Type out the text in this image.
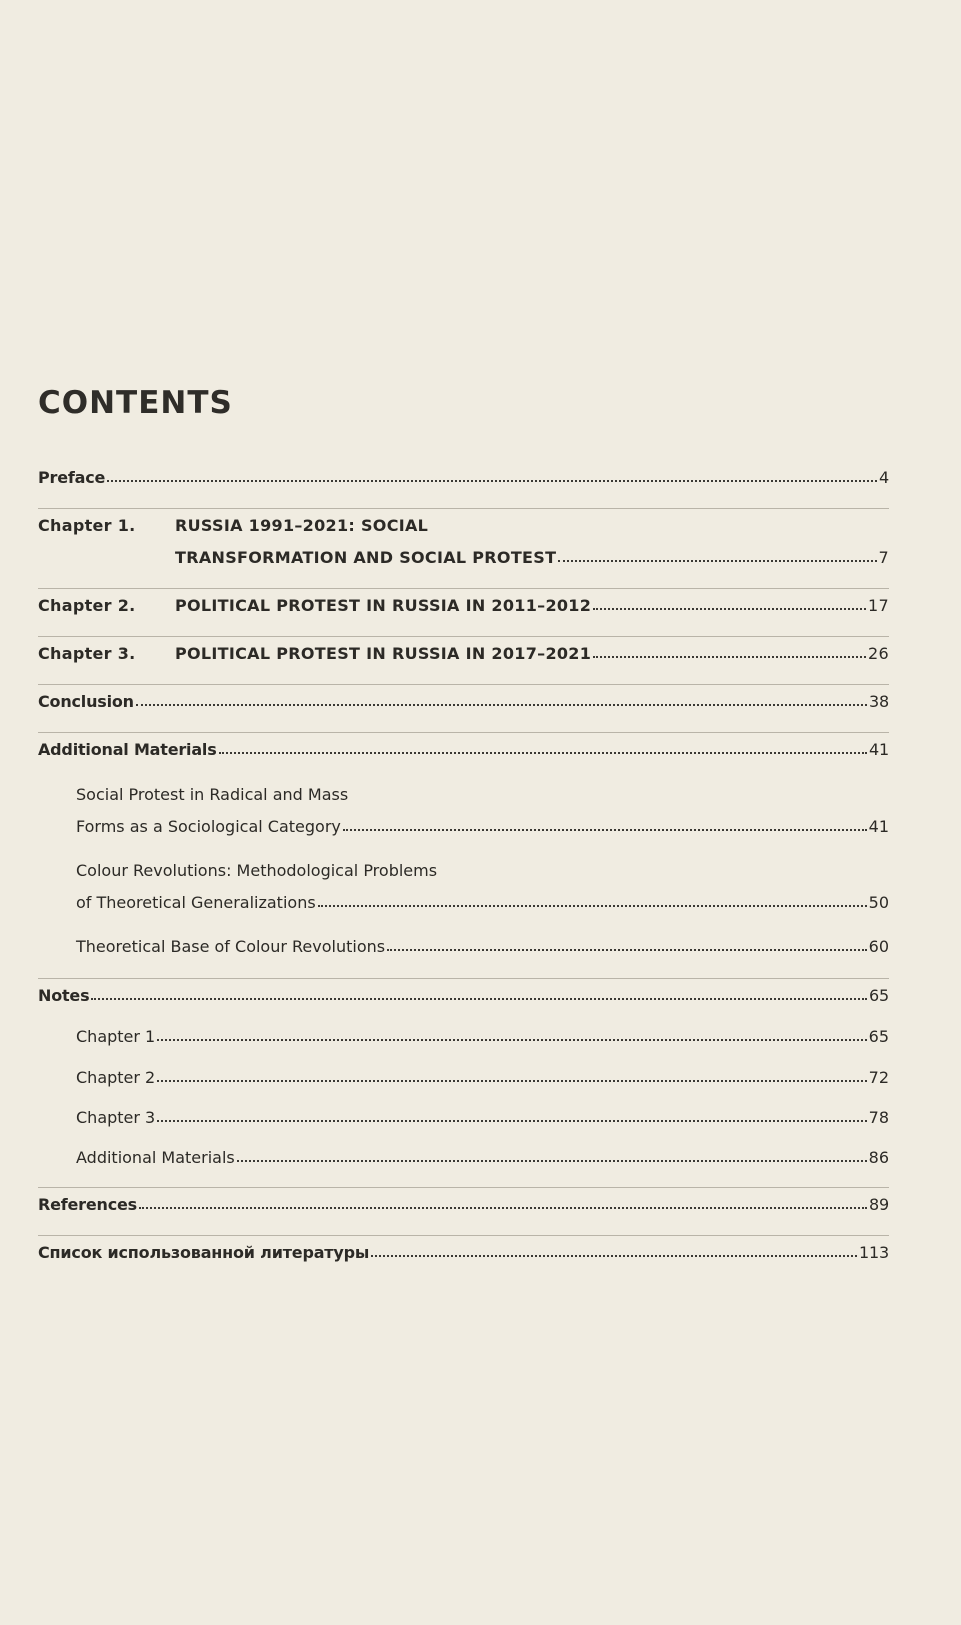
CONTENTS
Preface	4
Chapter 1.	RUSSIA 1991–2021: SOCIAL
TRANSFORMATION AND SOCIAL PROTEST	7
Chapter 2.	POLITICAL PROTEST IN RUSSIA IN 2011–2012	17
Chapter 3.	POLITICAL PROTEST IN RUSSIA IN 2017–2021	26
Conclusion	38
Additional Materials	41
Social Protest in Radical and Mass
Forms as a Sociological Category	41
Colour Revolutions: Methodological Problems
of Theoretical Generalizations	50
Theoretical Base of Colour Revolutions	60
Notes	65
Chapter 1	65
Chapter 2	72
Chapter 3	78
Additional Materials	86
References	89
Список использованной литературы	113
